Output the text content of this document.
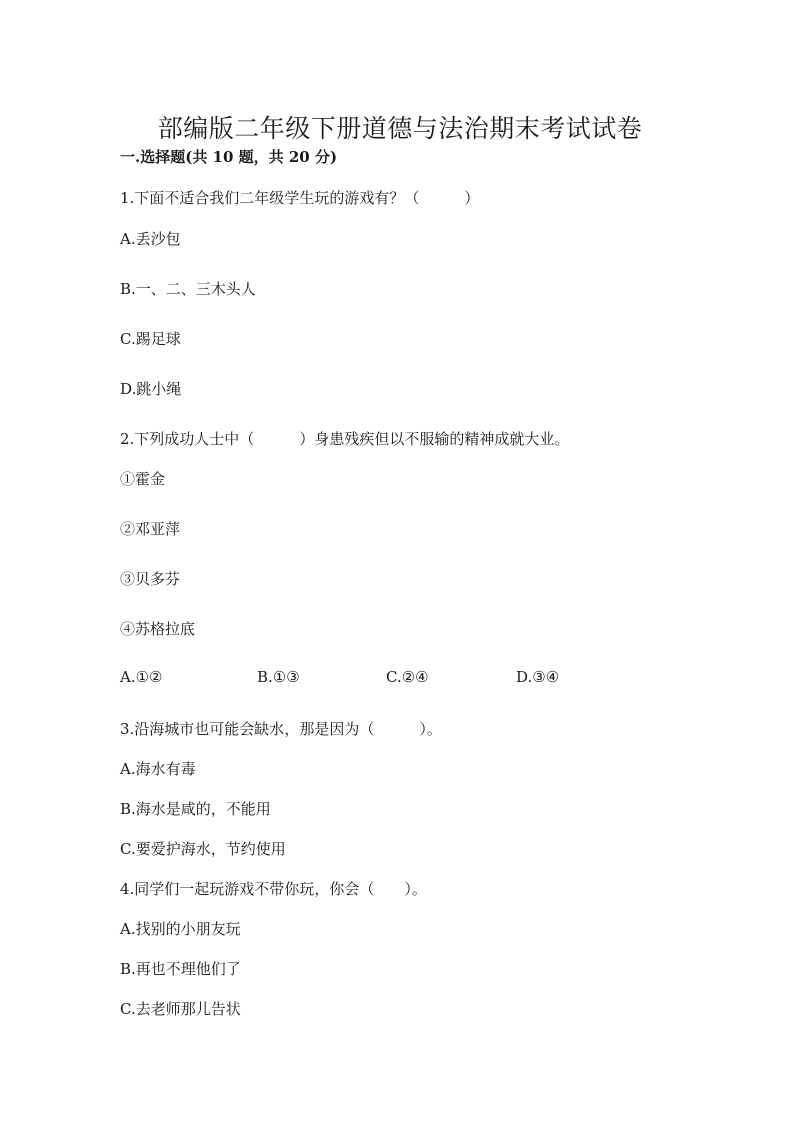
部编版二年级下册道德与法治期末考试试卷
一.选择题(共 10 题，共 20 分)
1.下面不适合我们二年级学生玩的游戏有？（　　　）
A.丢沙包
B.一、二、三木头人
C.踢足球
D.跳小绳
2.下列成功人士中（　　　）身患残疾但以不服输的精神成就大业。
①霍金
②邓亚萍
③贝多芬
④苏格拉底
A.①②	B.①③	C.②④	D.③④
3.沿海城市也可能会缺水，那是因为（　　　）。
A.海水有毒
B.海水是咸的，不能用
C.要爱护海水，节约使用
4.同学们一起玩游戏不带你玩，你会（　　）。
A.找别的小朋友玩
B.再也不理他们了
C.去老师那儿告状
